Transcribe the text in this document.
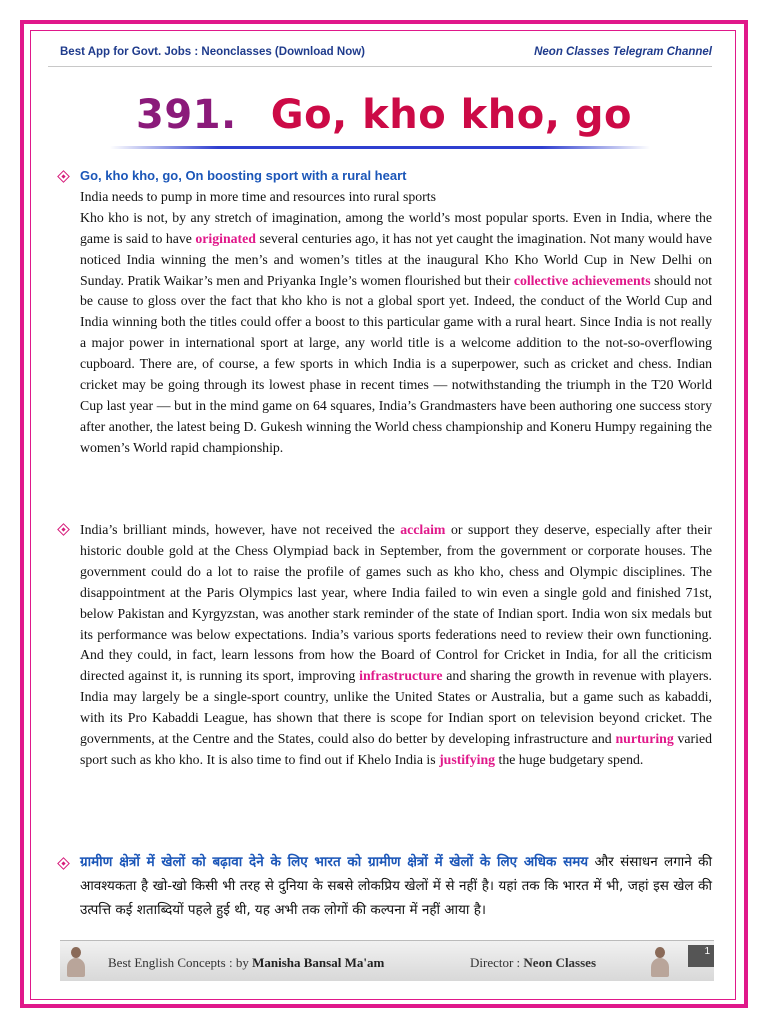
Best App for Govt. Jobs : Neonclasses (Download Now)	Neon Classes Telegram Channel
391. Go, kho kho, go
Go, kho kho, go, On boosting sport with a rural heart
India needs to pump in more time and resources into rural sports
Kho kho is not, by any stretch of imagination, among the world’s most popular sports. Even in India, where the game is said to have originated several centuries ago, it has not yet caught the imagination. Not many would have noticed India winning the men’s and women’s titles at the inaugural Kho Kho World Cup in New Delhi on Sunday. Pratik Waikar’s men and Priyanka Ingle’s women flourished but their collective achievements should not be cause to gloss over the fact that kho kho is not a global sport yet. Indeed, the conduct of the World Cup and India winning both the titles could offer a boost to this particular game with a rural heart. Since India is not really a major power in international sport at large, any world title is a welcome addition to the not-so-overflowing cupboard. There are, of course, a few sports in which India is a superpower, such as cricket and chess. Indian cricket may be going through its lowest phase in recent times — notwithstanding the triumph in the T20 World Cup last year — but in the mind game on 64 squares, India’s Grandmasters have been authoring one success story after another, the latest being D. Gukesh winning the World chess championship and Koneru Humpy regaining the women’s World rapid championship.
India’s brilliant minds, however, have not received the acclaim or support they deserve, especially after their historic double gold at the Chess Olympiad back in September, from the government or corporate houses. The government could do a lot to raise the profile of games such as kho kho, chess and Olympic disciplines. The disappointment at the Paris Olympics last year, where India failed to win even a single gold and finished 71st, below Pakistan and Kyrgyzstan, was another stark reminder of the state of Indian sport. India won six medals but its performance was below expectations. India’s various sports federations need to review their own functioning. And they could, in fact, learn lessons from how the Board of Control for Cricket in India, for all the criticism directed against it, is running its sport, improving infrastructure and sharing the growth in revenue with players. India may largely be a single-sport country, unlike the United States or Australia, but a game such as kabaddi, with its Pro Kabaddi League, has shown that there is scope for Indian sport on television beyond cricket. The governments, at the Centre and the States, could also do better by developing infrastructure and nurturing varied sport such as kho kho. It is also time to find out if Khelo India is justifying the huge budgetary spend.
ग्रामीण क्षेत्रों में खेलों को बढ़ावा देने के लिए भारत को ग्रामीण क्षेत्रों में खेलों के लिए अधिक समय और संसाधन लगाने की आवश्यकता है खो-खो किसी भी तरह से दुनिया के सबसे लोकप्रिय खेलों में से नहीं है। यहां तक कि भारत में भी, जहां इस खेल की उत्पत्ति कई शताब्दियों पहले हुई थी, यह अभी तक लोगों की कल्पना में नहीं आया है।
Best English Concepts : by Manisha Bansal Ma'am	Director : Neon Classes
1
